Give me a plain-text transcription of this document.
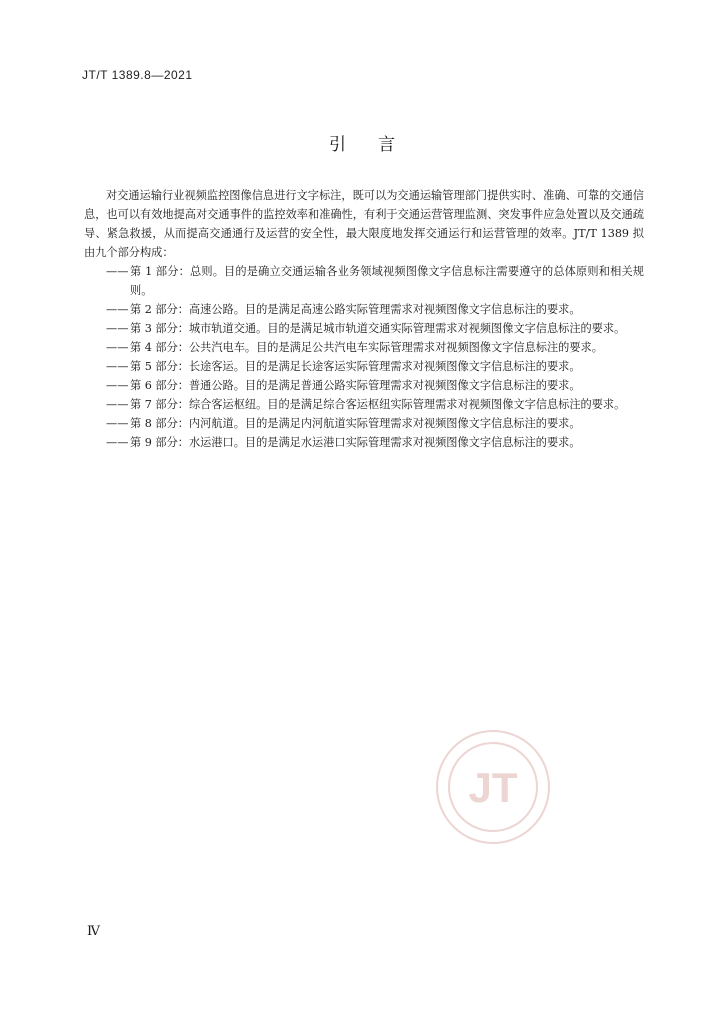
JT/T 1389.8—2021
引言

对交通运输行业视频监控图像信息进行文字标注，既可以为交通运输管理部门提供实时、准确、可靠的交通信息，也可以有效地提高对交通事件的监控效率和准确性，有利于交通运营管理监测、突发事件应急处置以及交通疏导、紧急救援，从而提高交通通行及运营的安全性，最大限度地发挥交通运行和运营管理的效率。JT/T 1389 拟由九个部分构成：

—— 第 1 部分：总则。目的是确立交通运输各业务领域视频图像文字信息标注需要遵守的总体原则和相关规则。
—— 第 2 部分：高速公路。目的是满足高速公路实际管理需求对视频图像文字信息标注的要求。
—— 第 3 部分：城市轨道交通。目的是满足城市轨道交通实际管理需求对视频图像文字信息标注的要求。
—— 第 4 部分：公共汽电车。目的是满足公共汽电车实际管理需求对视频图像文字信息标注的要求。
—— 第 5 部分：长途客运。目的是满足长途客运实际管理需求对视频图像文字信息标注的要求。
—— 第 6 部分：普通公路。目的是满足普通公路实际管理需求对视频图像文字信息标注的要求。
—— 第 7 部分：综合客运枢纽。目的是满足综合客运枢纽实际管理需求对视频图像文字信息标注的要求。
—— 第 8 部分：内河航道。目的是满足内河航道实际管理需求对视频图像文字信息标注的要求。
—— 第 9 部分：水运港口。目的是满足水运港口实际管理需求对视频图像文字信息标注的要求。
JT
Ⅳ
